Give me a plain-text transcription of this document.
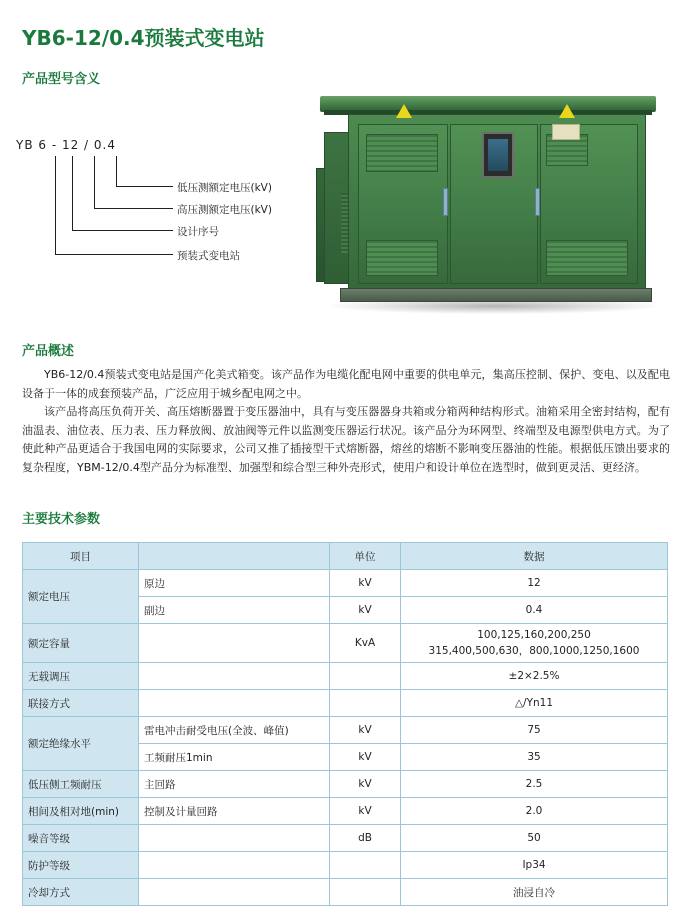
YB6-12/0.4预装式变电站
产品型号含义
YB 6 - 12 / 0.4
低压测额定电压(kV)
高压测额定电压(kV)
设计序号
预装式变电站
产品概述

YB6-12/0.4预装式变电站是国产化美式箱变。该产品作为电缆化配电网中重要的供电单元，集高压控制、保护、变电、以及配电设备于一体的成套预装产品，广泛应用于城乡配电网之中。

该产品将高压负荷开关、高压熔断器置于变压器油中，具有与变压器器身共箱或分箱两种结构形式。油箱采用全密封结构，配有油温表、油位表、压力表、压力释放阀、放油阀等元件以监测变压器运行状况。该产品分为环网型、终端型及电源型供电方式。为了使此种产品更适合于我国电网的实际要求，公司又推了插接型干式熔断器，熔丝的熔断不影响变压器油的性能。根据低压馈出要求的复杂程度，YBM-12/0.4型产品分为标准型、加强型和综合型三种外壳形式，使用户和设计单位在选型时，做到更灵活、更经济。

主要技术参数
项目		单位	数据
额定电压	原边	kV	12
	副边	kV	0.4
额定容量		KvA	100,125,160,200,250
315,400,500,630，800,1000,1250,1600

无载调压			±2×2.5%
联接方式			△/Yn11
额定绝缘水平	雷电冲击耐受电压(全波、峰值)	kV	75
	工频耐压1min	kV	35
低压侧工频耐压	主回路	kV	2.5
相间及相对地(min)	控制及计量回路	kV	2.0
噪音等级		dB	50
防护等级			Ip34
冷却方式			油浸自冷
